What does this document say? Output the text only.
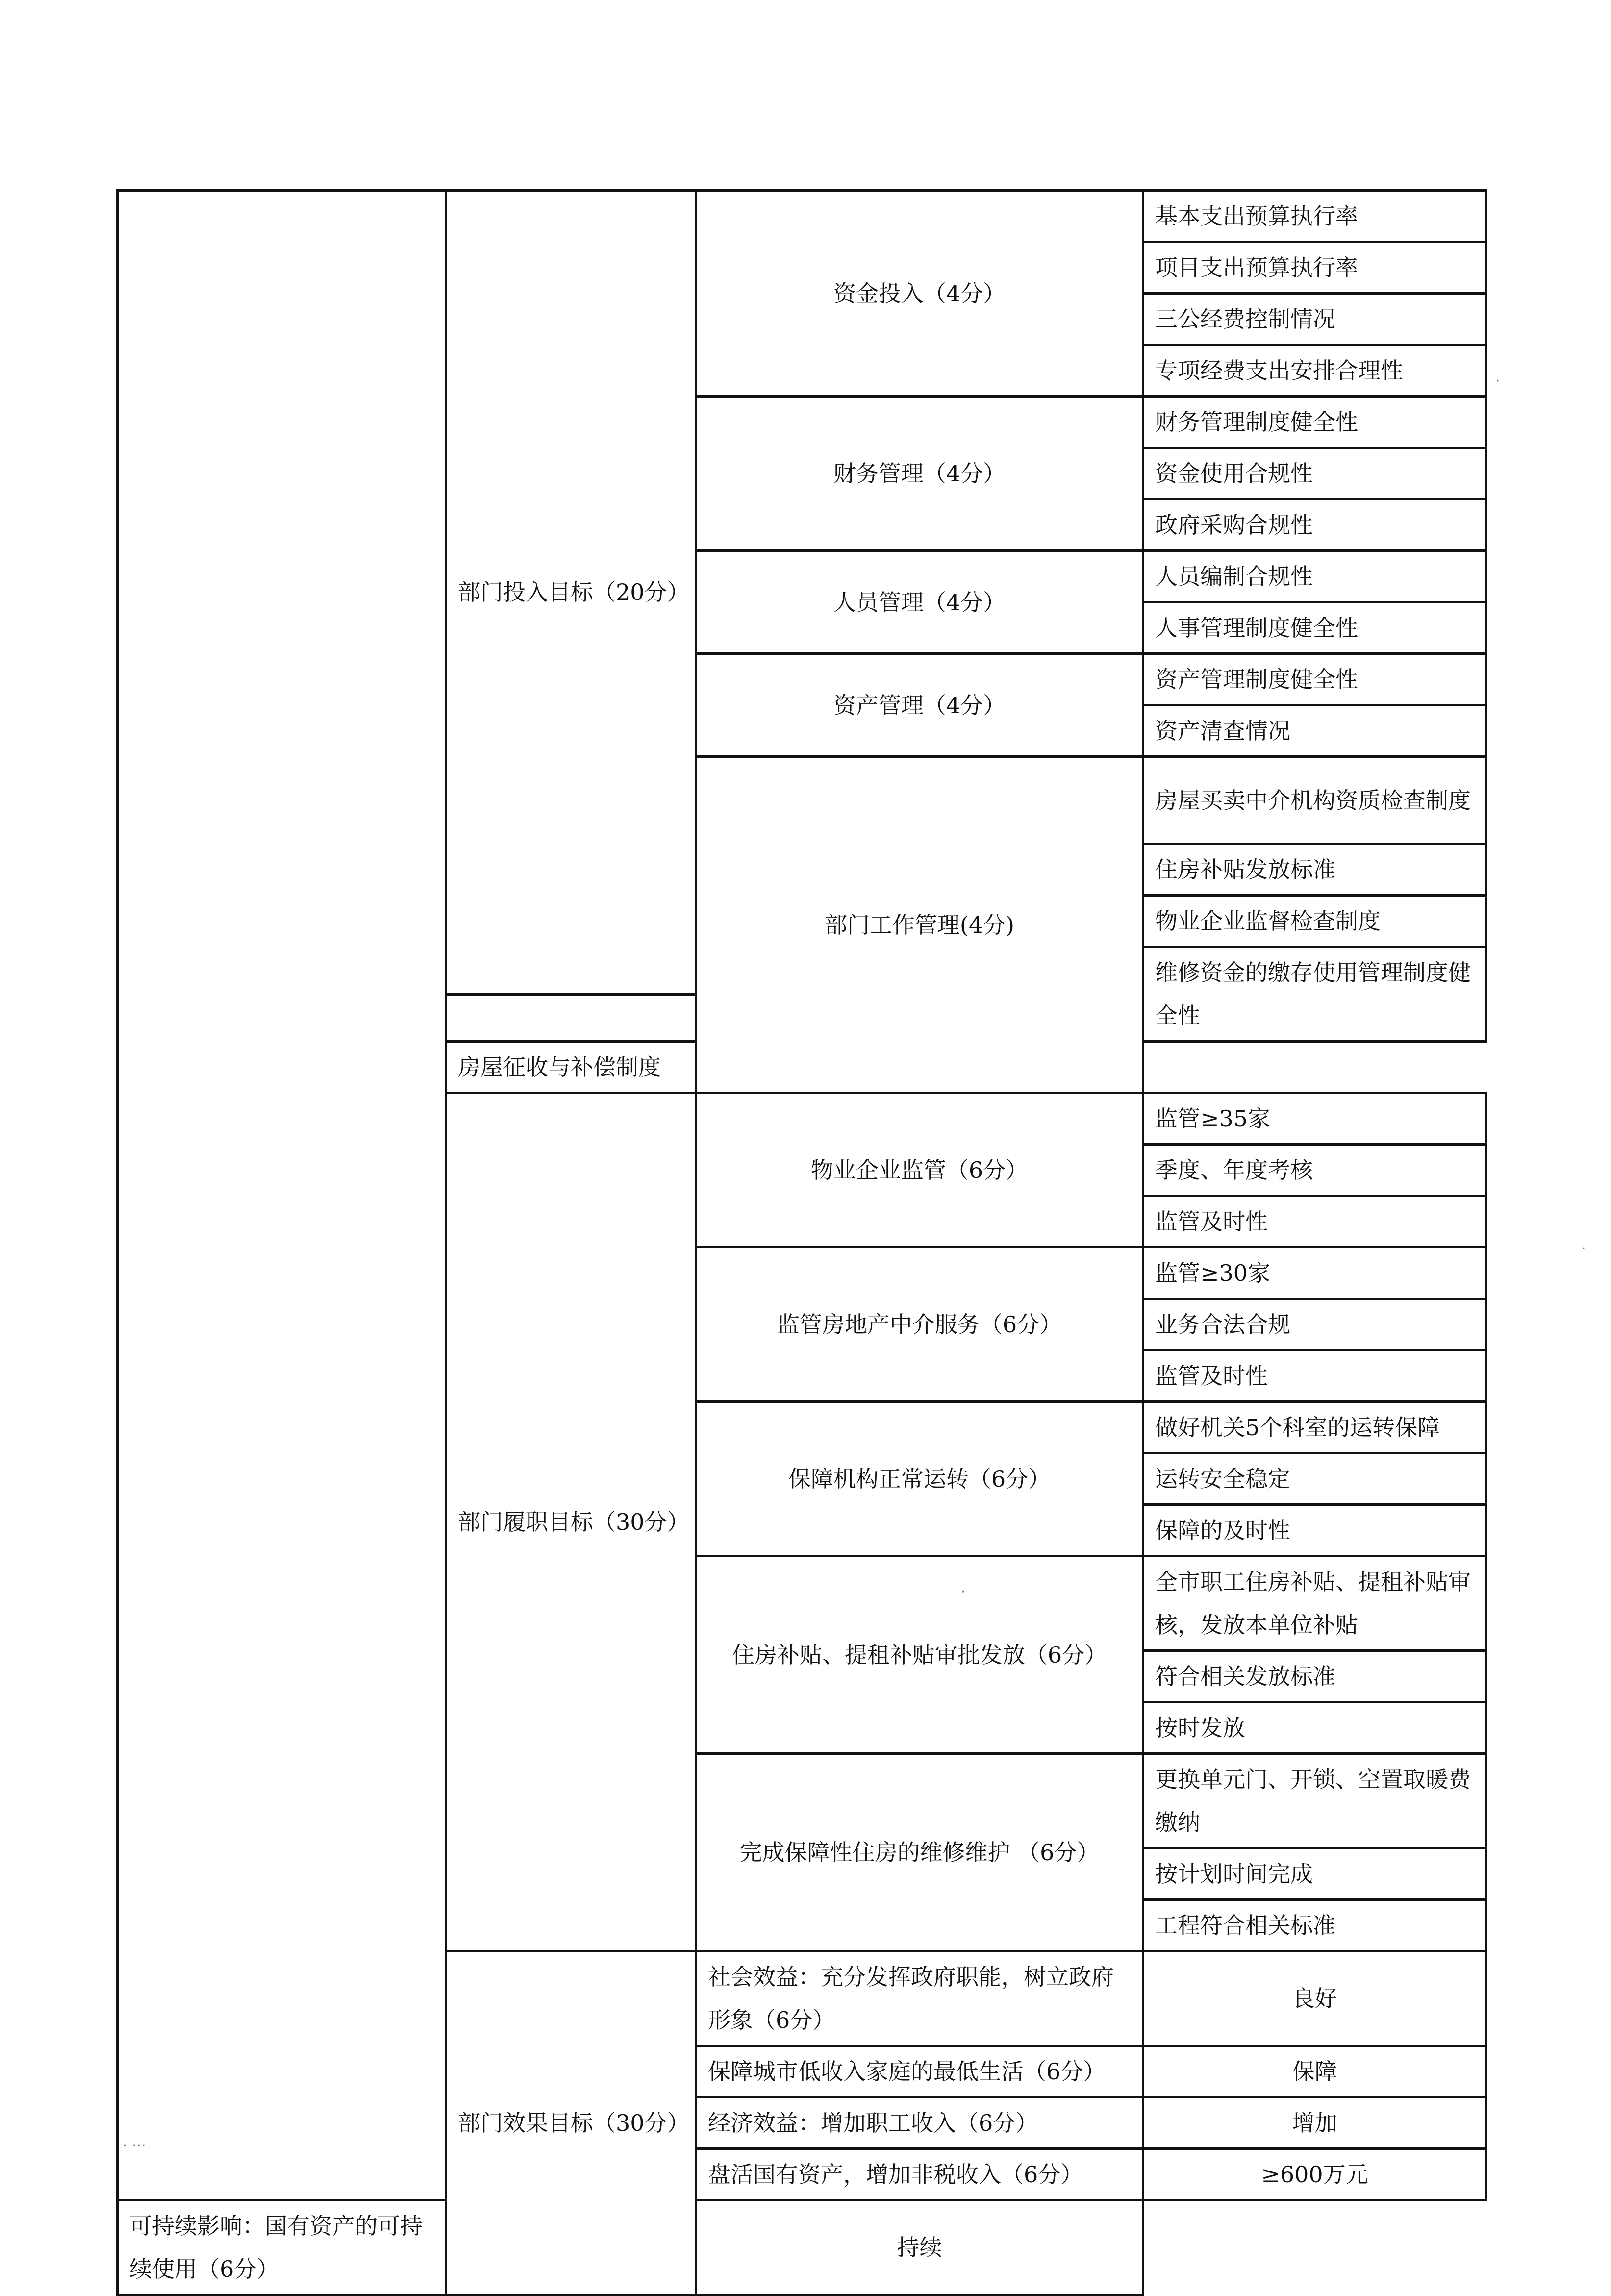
	部门投入目标（20分）	资金投入（4分）	基本支出预算执行率
			项目支出预算执行率
			三公经费控制情况
			专项经费支出安排合理性
		财务管理（4分）	财务管理制度健全性
			资金使用合规性
			政府采购合规性
		人员管理（4分）	人员编制合规性
			人事管理制度健全性
		资产管理（4分）	资产管理制度健全性
			资产清查情况
		部门工作管理(4分)	房屋买卖中介机构资质检查制度

			住房补贴发放标准
			物业企业监督检查制度
			维修资金的缴存使用管理制度健全性

	房屋征收与补偿制度		
	部门履职目标（30分）	物业企业监管（6分）	监管≥35家
			季度、年度考核
			监管及时性
		监管房地产中介服务（6分）	监管≥30家
			业务合法合规
			监管及时性
		保障机构正常运转（6分）	做好机关5个科室的运转保障
			运转安全稳定
			保障的及时性
		住房补贴、提租补贴审批发放（6分）	全市职工住房补贴、提租补贴审核，发放本单位补贴

			符合相关发放标准
			按时发放
		完成保障性住房的维修维护 （6分）	更换单元门、开锁、空置取暖费缴纳

			按计划时间完成
			工程符合相关标准
	部门效果目标（30分）	社会效益：充分发挥政府职能，树立政府形象（6分）	良好

		保障城市低收入家庭的最低生活（6分）	保障
		经济效益：增加职工收入（6分）	增加
		盘活国有资产，增加非税收入（6分）	≥600万元
可持续影响：国有资产的可持续使用（6分）		持续	

·
·
·
· ···
